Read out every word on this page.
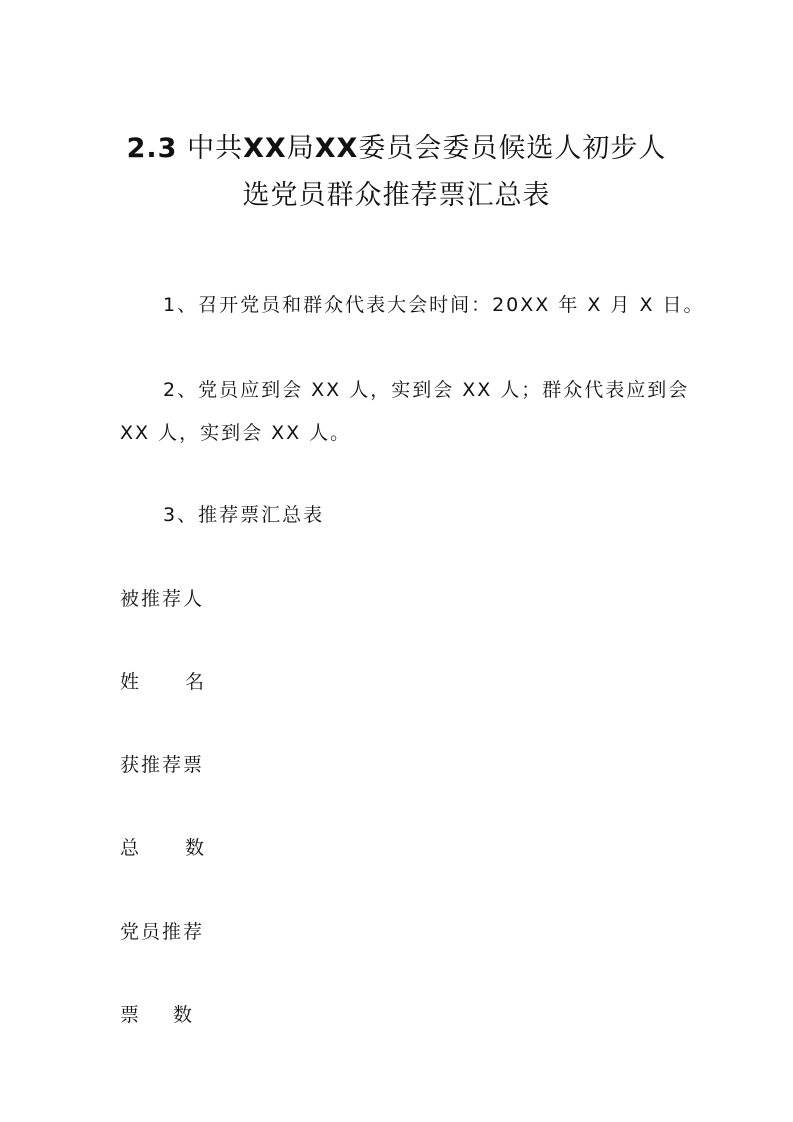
2.3 中共XX局XX委员会委员候选人初步人
选党员群众推荐票汇总表

1、召开党员和群众代表大会时间：20XX 年 X 月 X 日。

2、党员应到会 XX 人，实到会 XX 人；群众代表应到会

XX 人，实到会 XX 人。

3、推荐票汇总表

被推荐人

姓 名

获推荐票

总 数

党员推荐

票 数
